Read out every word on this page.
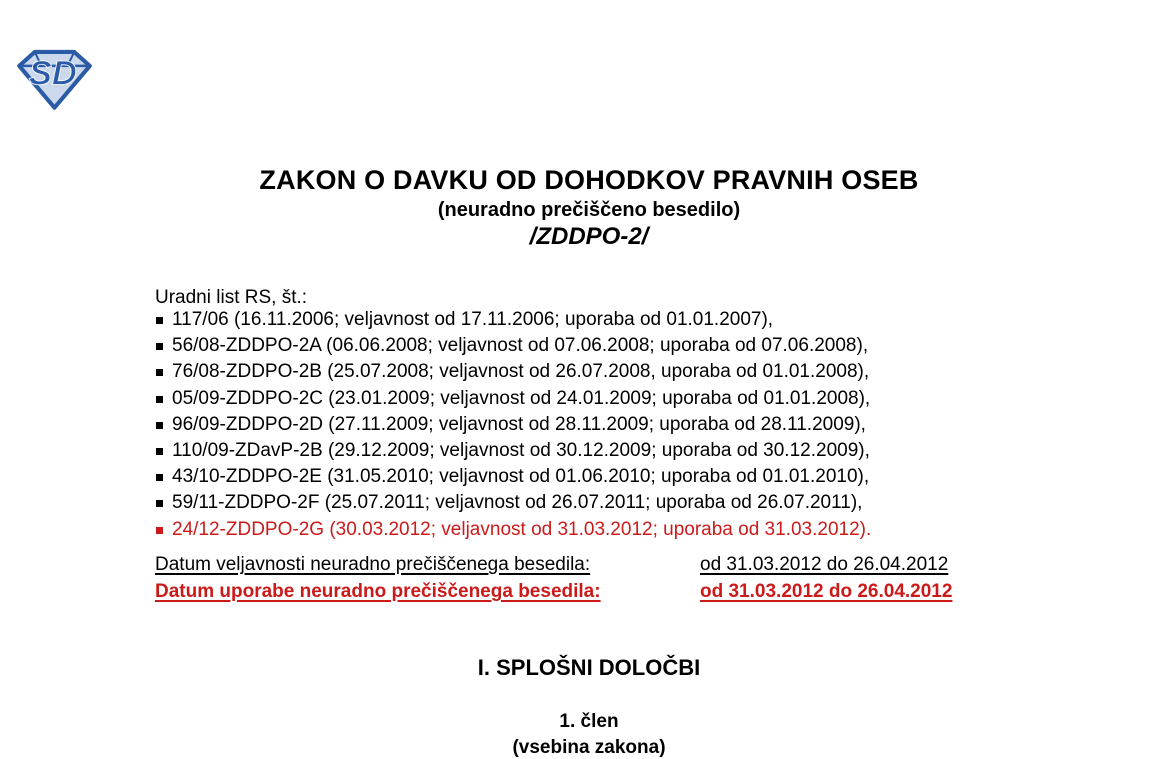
SD
ZAKON O DAVKU OD DOHODKOV PRAVNIH OSEB
(neuradno prečiščeno besedilo)
/ZDDPO-2/
Uradni list RS, št.:
117/06 (16.11.2006; veljavnost od 17.11.2006; uporaba od 01.01.2007),
56/08-ZDDPO-2A (06.06.2008; veljavnost od 07.06.2008; uporaba od 07.06.2008),
76/08-ZDDPO-2B (25.07.2008; veljavnost od 26.07.2008, uporaba od 01.01.2008),
05/09-ZDDPO-2C (23.01.2009; veljavnost od 24.01.2009; uporaba od 01.01.2008),
96/09-ZDDPO-2D (27.11.2009; veljavnost od 28.11.2009; uporaba od 28.11.2009),
110/09-ZDavP-2B (29.12.2009; veljavnost od 30.12.2009; uporaba od 30.12.2009),
43/10-ZDDPO-2E (31.05.2010; veljavnost od 01.06.2010; uporaba od 01.01.2010),
59/11-ZDDPO-2F (25.07.2011; veljavnost od 26.07.2011; uporaba od 26.07.2011),
24/12-ZDDPO-2G (30.03.2012; veljavnost od 31.03.2012; uporaba od 31.03.2012).
Datum veljavnosti neuradno prečiščenega besedila:	od 31.03.2012 do 26.04.2012
Datum uporabe neuradno prečiščenega besedila:	od 31.03.2012 do 26.04.2012
I. SPLOŠNI DOLOČBI
1. člen
(vsebina zakona)
